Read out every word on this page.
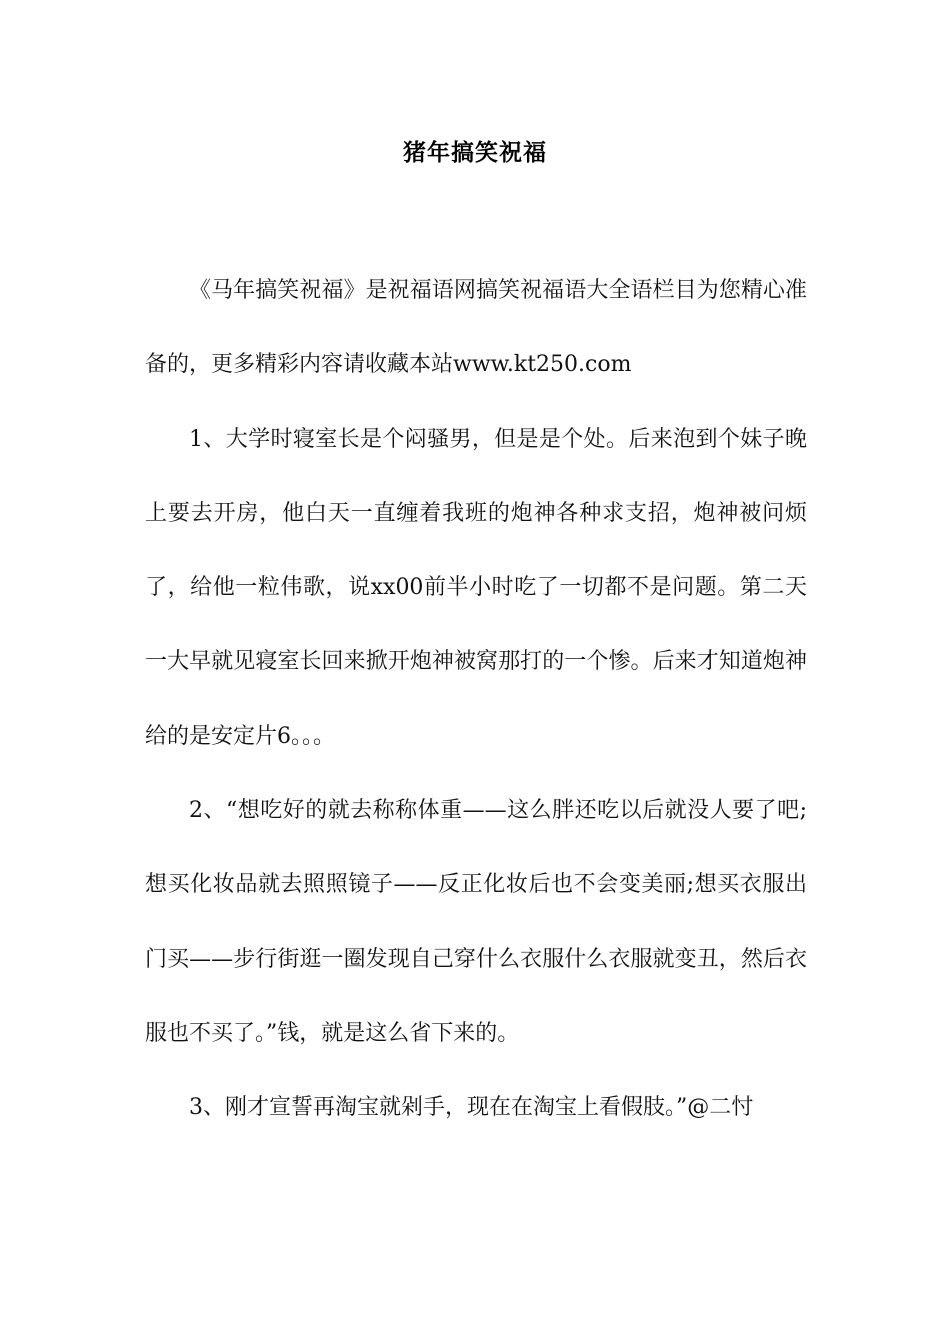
猪年搞笑祝福

《马年搞笑祝福》是祝福语网搞笑祝福语大全语栏目为您精心准备的，更多精彩内容请收藏本站www.kt250.com

1、大学时寝室长是个闷骚男，但是是个处。后来泡到个妹子晚上要去开房，他白天一直缠着我班的炮神各种求支招，炮神被问烦了，给他一粒伟歌，说xx00前半小时吃了一切都不是问题。第二天一大早就见寝室长回来掀开炮神被窝那打的一个惨。后来才知道炮神给的是安定片6。。。

2、“想吃好的就去称称体重——这么胖还吃以后就没人要了吧;想买化妆品就去照照镜子——反正化妆后也不会变美丽;想买衣服出门买——步行街逛一圈发现自己穿什么衣服什么衣服就变丑，然后衣服也不买了。”钱，就是这么省下来的。

3、刚才宣誓再淘宝就剁手，现在在淘宝上看假肢。”@二忖
